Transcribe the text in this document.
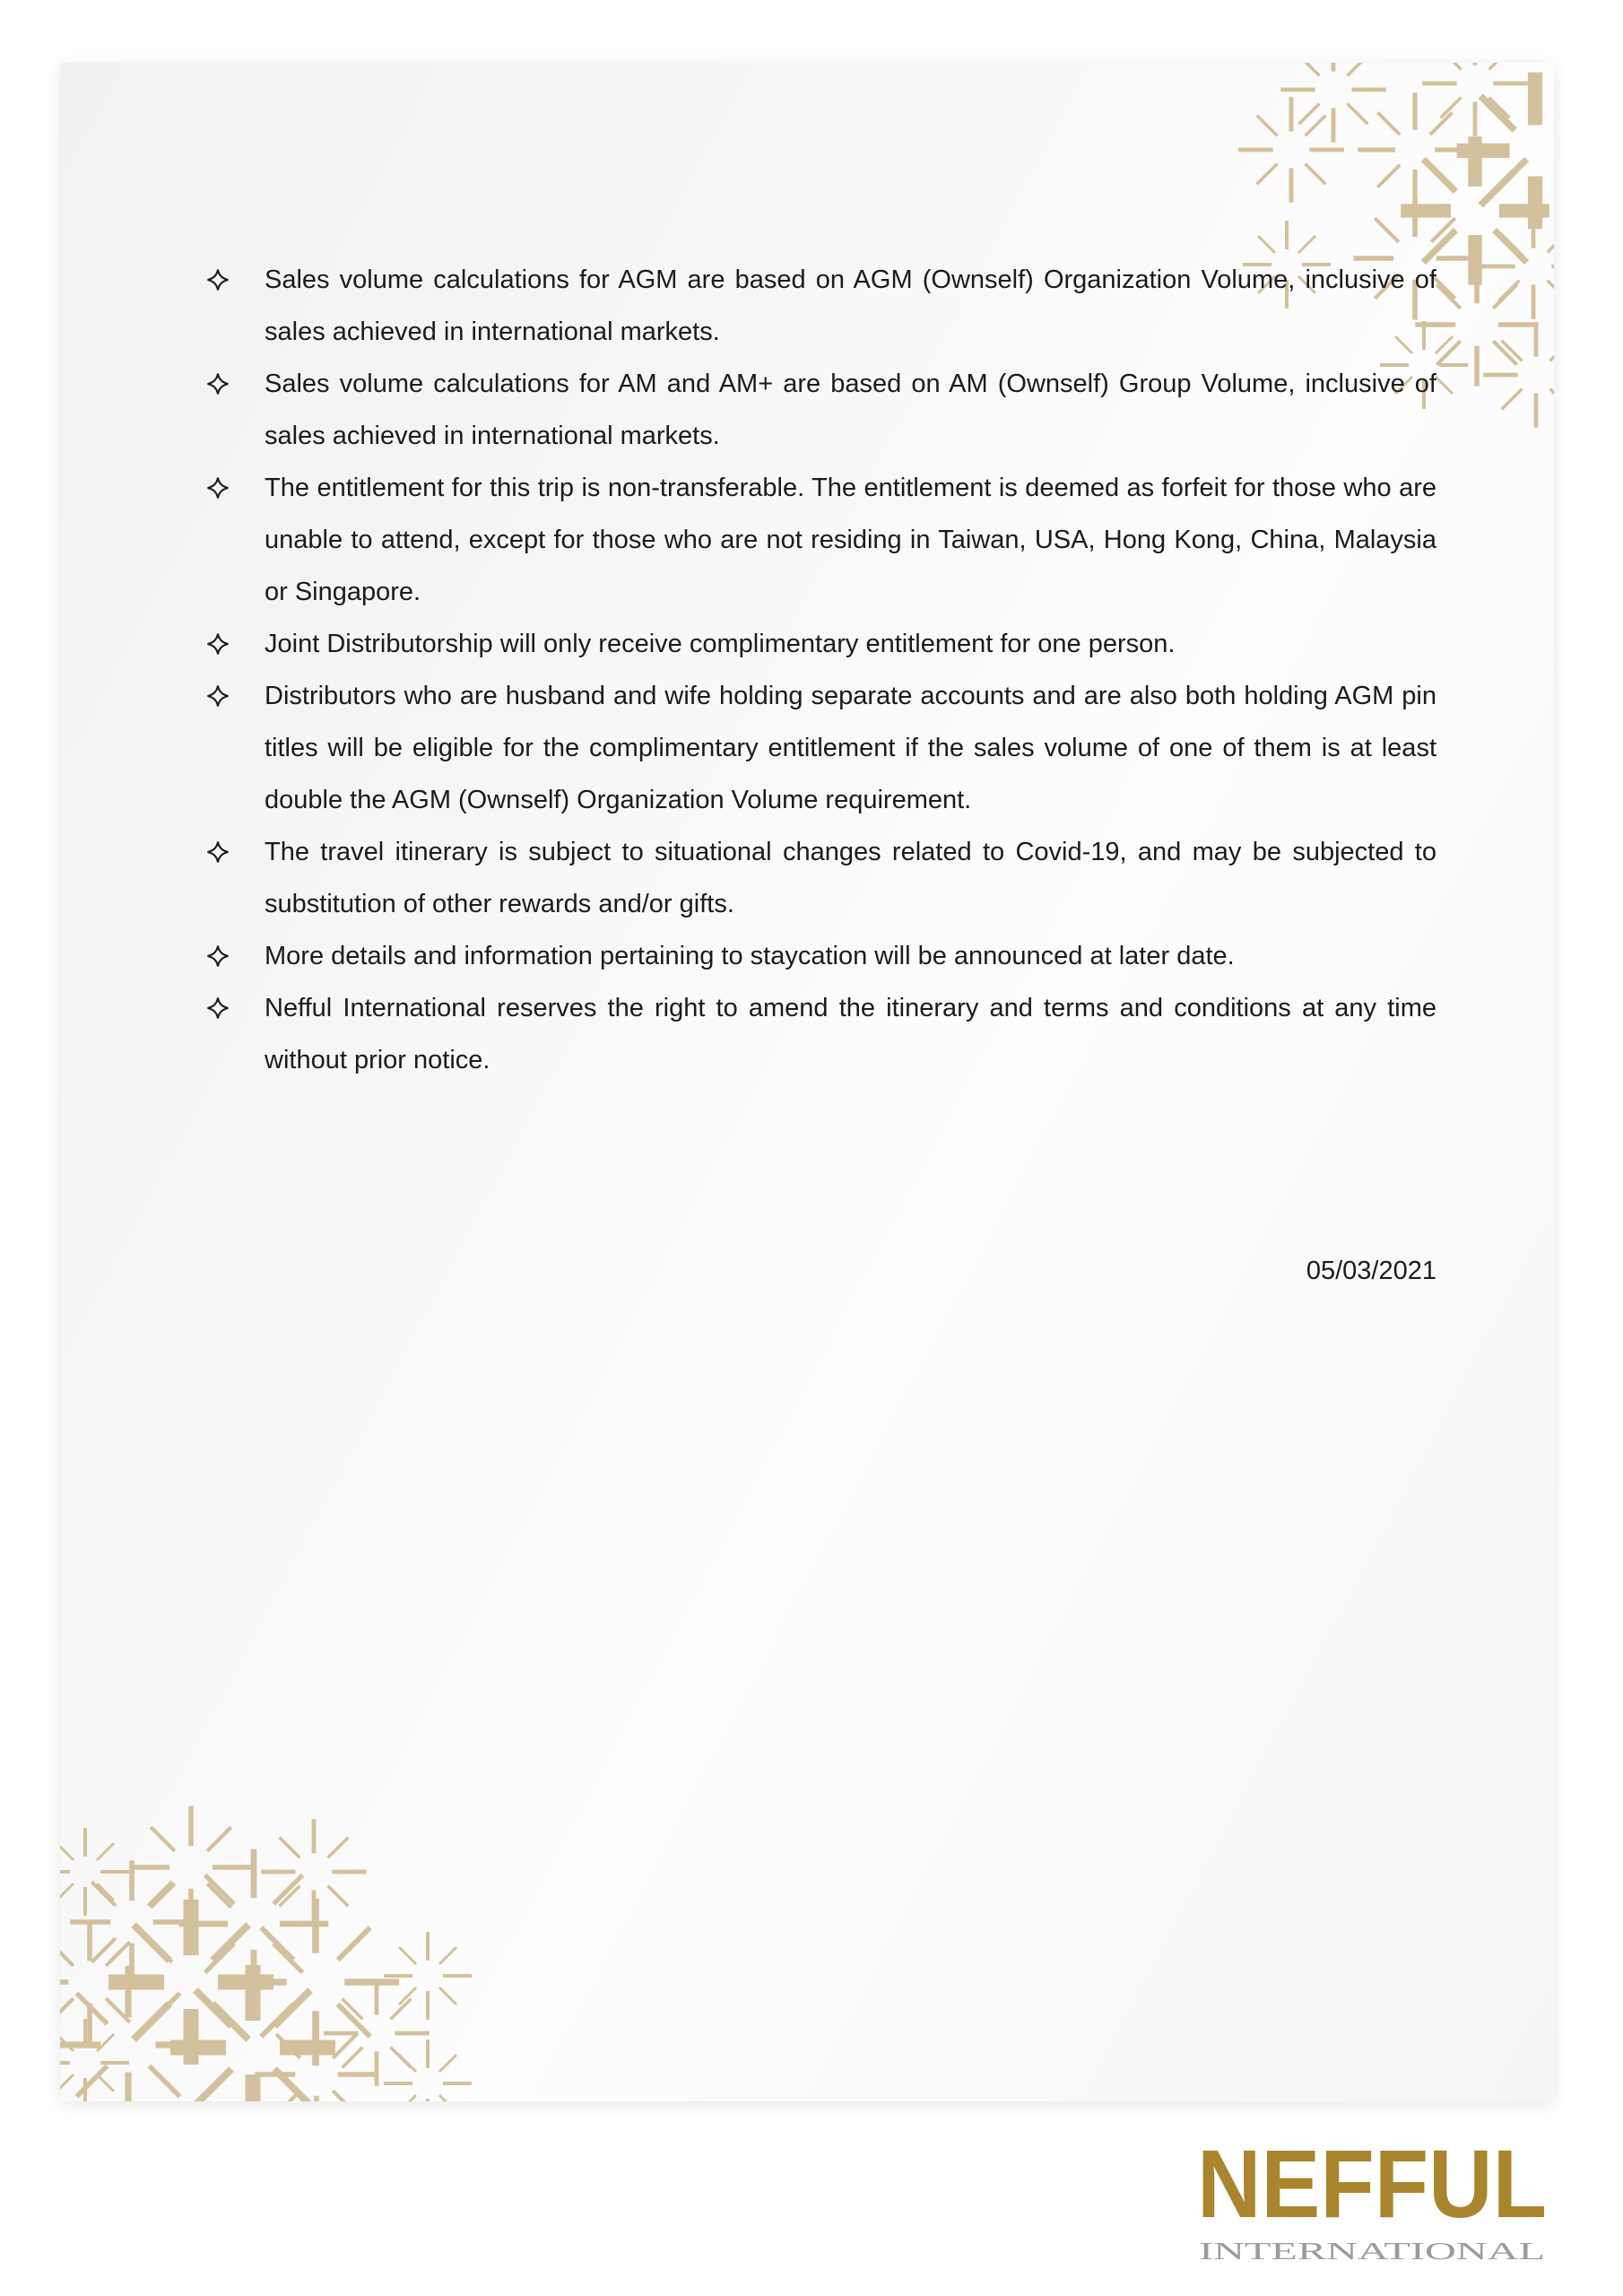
Sales volume calculations for AGM are based on AGM (Ownself) Organization Volume, inclusive of sales achieved in international markets.
Sales volume calculations for AM and AM+ are based on AM (Ownself) Group Volume, inclusive of sales achieved in international markets.
The entitlement for this trip is non-transferable. The entitlement is deemed as forfeit for those who are unable to attend, except for those who are not residing in Taiwan, USA, Hong Kong, China, Malaysia or Singapore.
Joint Distributorship will only receive complimentary entitlement for one person.
Distributors who are husband and wife holding separate accounts and are also both holding AGM pin titles will be eligible for the complimentary entitlement if the sales volume of one of them is at least double the AGM (Ownself) Organization Volume requirement.
The travel itinerary is subject to situational changes related to Covid-19, and may be subjected to substitution of other rewards and/or gifts.
More details and information pertaining to staycation will be announced at later date.
Nefful International reserves the right to amend the itinerary and terms and conditions at any time without prior notice.
05/03/2021
NEFFUL
INTERNATIONAL
